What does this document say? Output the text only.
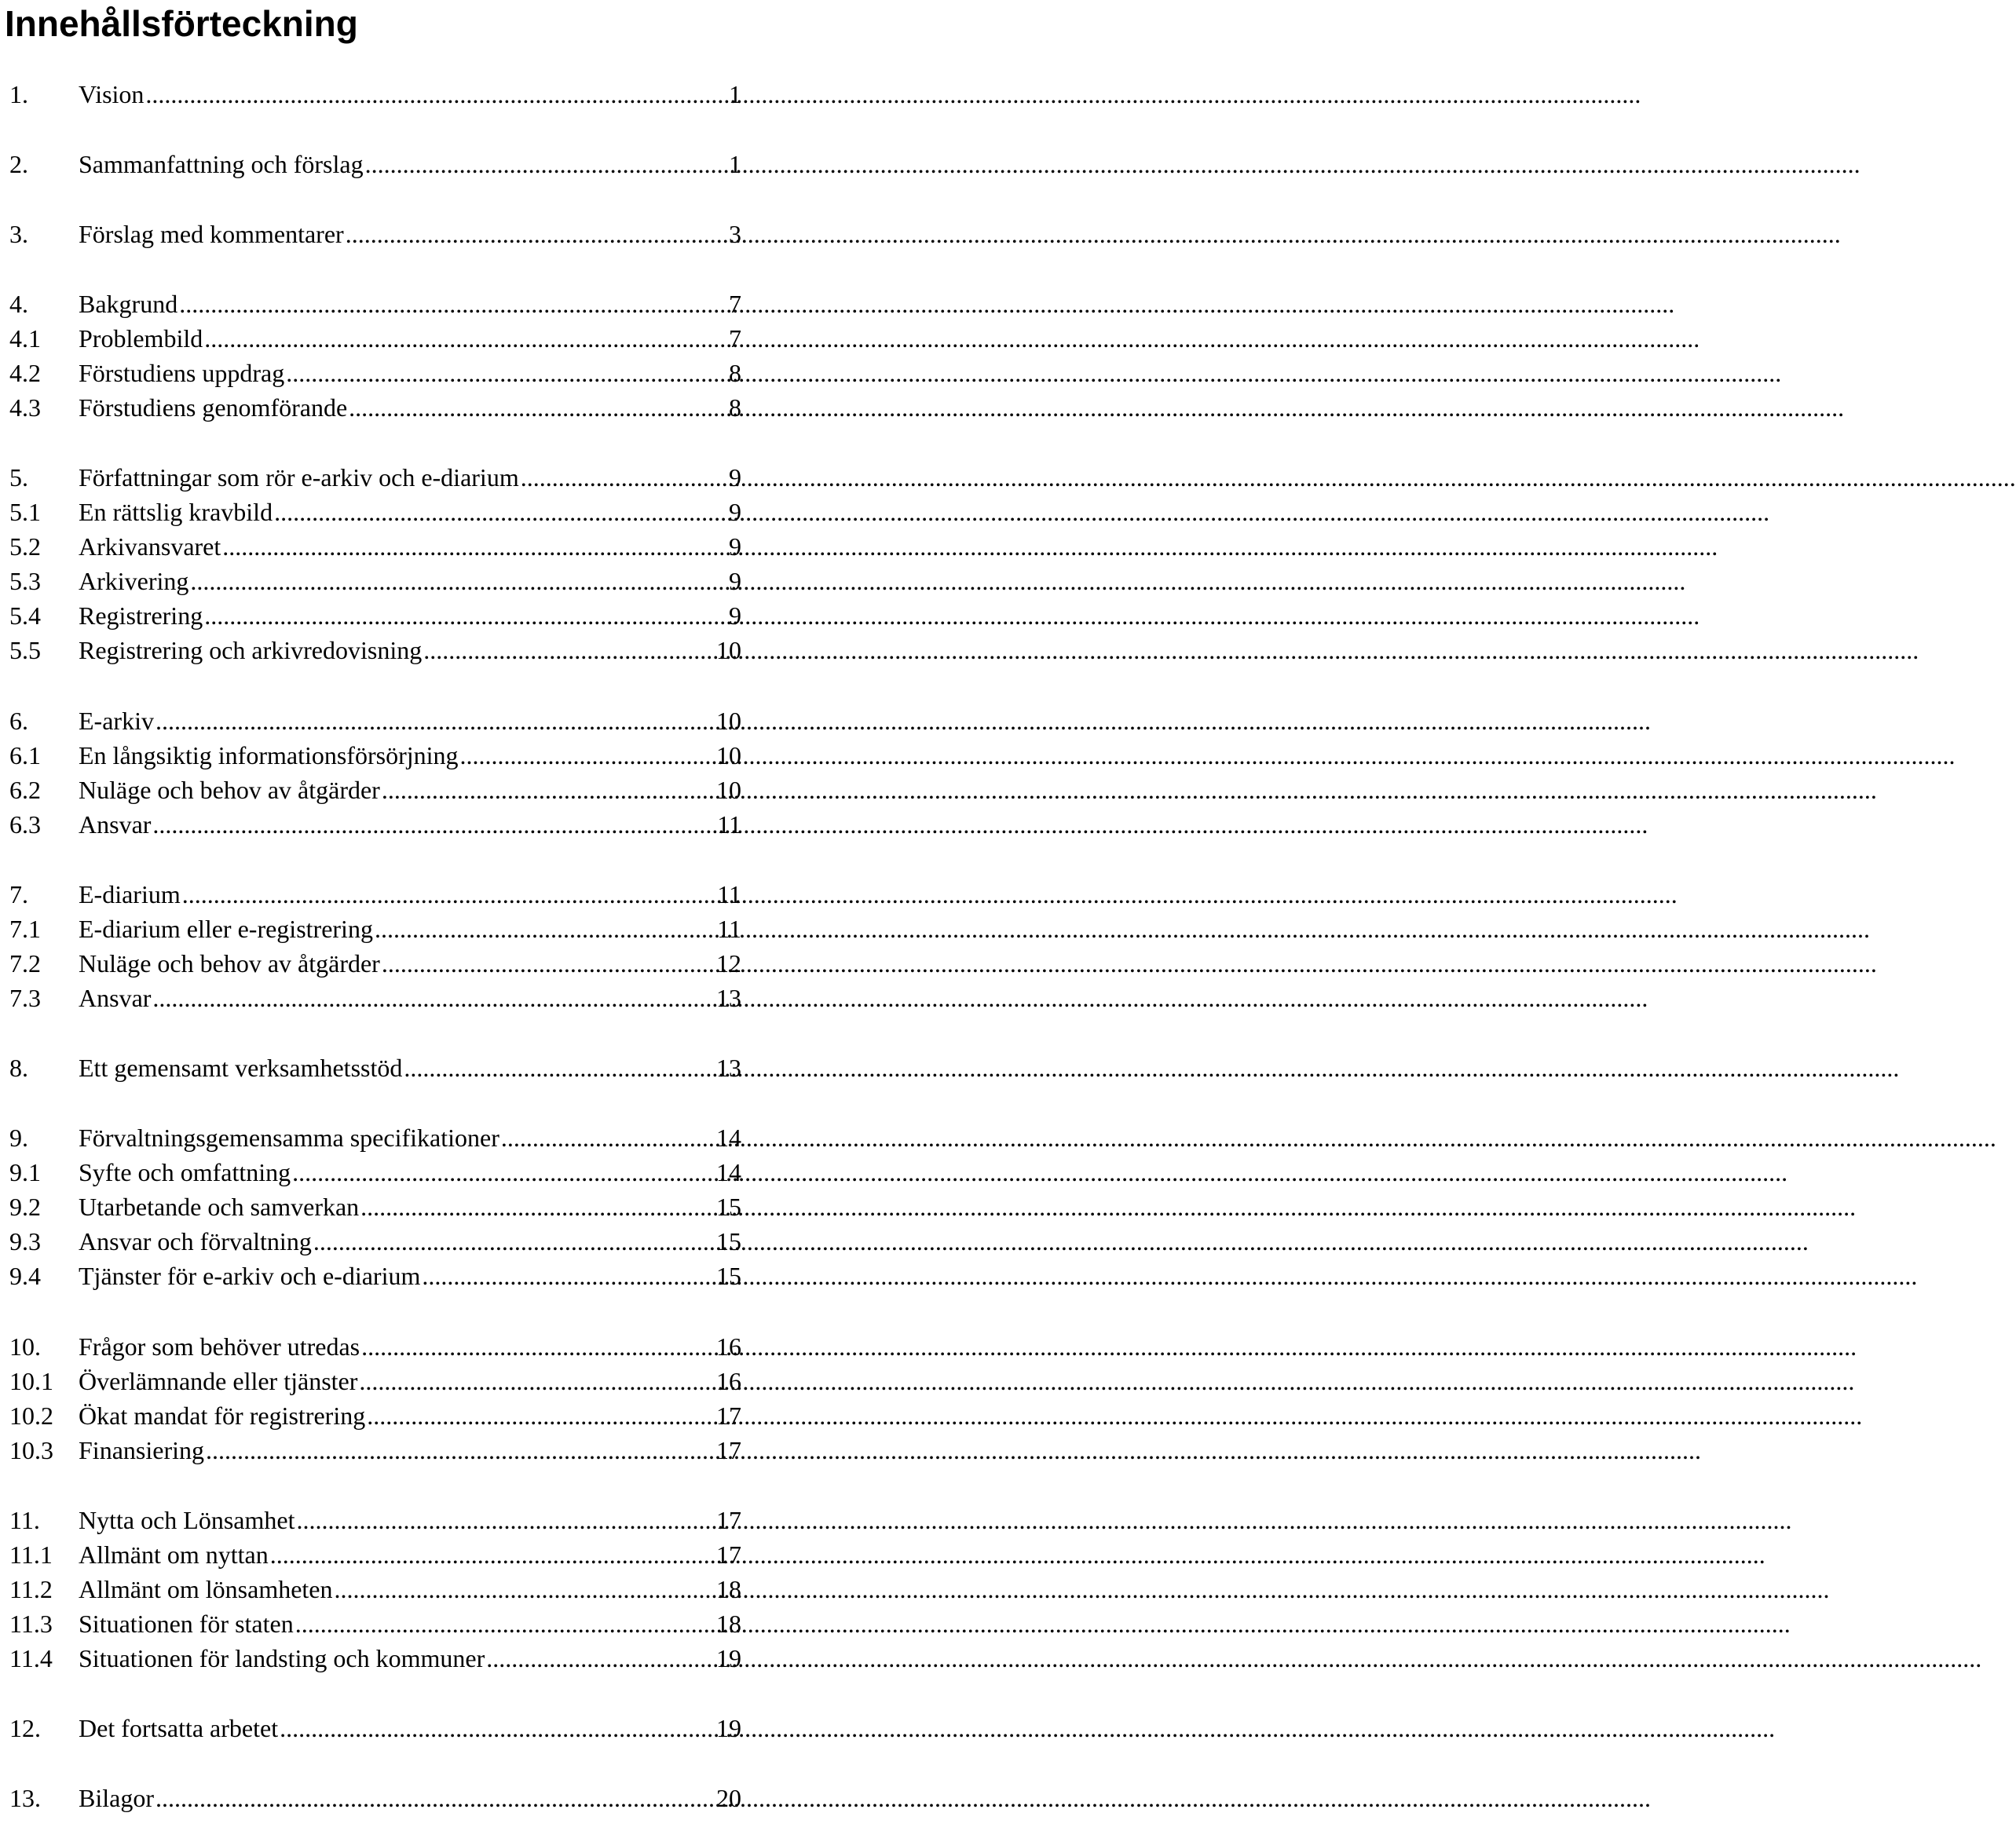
Innehållsförteckning
1.	Vision .....	1
2.	Sammanfattning och förslag .....	1
3.	Förslag med kommentarer .....	3
4.	Bakgrund .....	7
4.1	Problembild .....	7
4.2	Förstudiens uppdrag .....	8
4.3	Förstudiens genomförande .....	8
5.	Författningar som rör e-arkiv och e-diarium .....	9
5.1	En rättslig kravbild .....	9
5.2	Arkivansvaret .....	9
5.3	Arkivering .....	9
5.4	Registrering .....	9
5.5	Registrering och arkivredovisning .....	10
6.	E-arkiv .....	10
6.1	En långsiktig informationsförsörjning .....	10
6.2	Nuläge och behov av åtgärder .....	10
6.3	Ansvar .....	11
7.	E-diarium .....	11
7.1	E-diarium eller e-registrering .....	11
7.2	Nuläge och behov av åtgärder .....	12
7.3	Ansvar .....	13
8.	Ett gemensamt verksamhetsstöd .....	13
9.	Förvaltningsgemensamma specifikationer .....	14
9.1	Syfte och omfattning .....	14
9.2	Utarbetande och samverkan .....	15
9.3	Ansvar och förvaltning .....	15
9.4	Tjänster för e-arkiv och e-diarium .....	15
10.	Frågor som behöver utredas .....	16
10.1	Överlämnande eller tjänster .....	16
10.2	Ökat mandat för registrering .....	17
10.3	Finansiering .....	17
11.	Nytta och Lönsamhet .....	17
11.1	Allmänt om nyttan .....	17
11.2	Allmänt om lönsamheten .....	18
11.3	Situationen för staten .....	18
11.4	Situationen för landsting och kommuner .....	19
12.	Det fortsatta arbetet .....	19
13.	Bilagor .....	20
